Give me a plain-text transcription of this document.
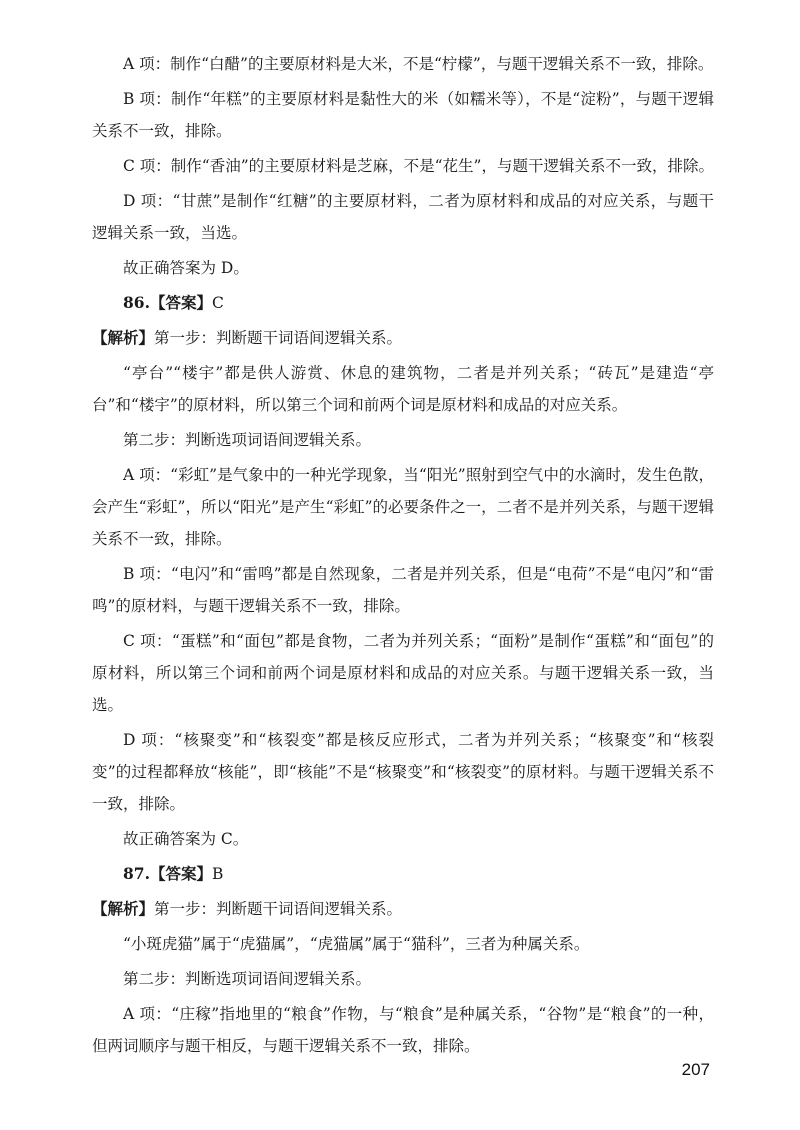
A 项：制作“白醋”的主要原材料是大米，不是“柠檬”，与题干逻辑关系不一致，排除。

B 项：制作“年糕”的主要原材料是黏性大的米（如糯米等），不是“淀粉”，与题干逻辑关系不一致，排除。

C 项：制作“香油”的主要原材料是芝麻，不是“花生”，与题干逻辑关系不一致，排除。

D 项：“甘蔗”是制作“红糖”的主要原材料，二者为原材料和成品的对应关系，与题干逻辑关系一致，当选。

故正确答案为 D。

86.【答案】C

【解析】第一步：判断题干词语间逻辑关系。

“亭台”“楼宇”都是供人游赏、休息的建筑物，二者是并列关系；“砖瓦”是建造“亭台”和“楼宇”的原材料，所以第三个词和前两个词是原材料和成品的对应关系。

第二步：判断选项词语间逻辑关系。

A 项：“彩虹”是气象中的一种光学现象，当“阳光”照射到空气中的水滴时，发生色散，会产生“彩虹”，所以“阳光”是产生“彩虹”的必要条件之一，二者不是并列关系，与题干逻辑关系不一致，排除。

B 项：“电闪”和“雷鸣”都是自然现象，二者是并列关系，但是“电荷”不是“电闪”和“雷鸣”的原材料，与题干逻辑关系不一致，排除。

C 项：“蛋糕”和“面包”都是食物，二者为并列关系；“面粉”是制作“蛋糕”和“面包”的原材料，所以第三个词和前两个词是原材料和成品的对应关系。与题干逻辑关系一致，当选。

D 项：“核聚变”和“核裂变”都是核反应形式，二者为并列关系；“核聚变”和“核裂变”的过程都释放“核能”，即“核能”不是“核聚变”和“核裂变”的原材料。与题干逻辑关系不一致，排除。

故正确答案为 C。

87.【答案】B

【解析】第一步：判断题干词语间逻辑关系。

“小斑虎猫”属于“虎猫属”，“虎猫属”属于“猫科”，三者为种属关系。

第二步：判断选项词语间逻辑关系。

A 项：“庄稼”指地里的“粮食”作物，与“粮食”是种属关系，“谷物”是“粮食”的一种，但两词顺序与题干相反，与题干逻辑关系不一致，排除。

207
